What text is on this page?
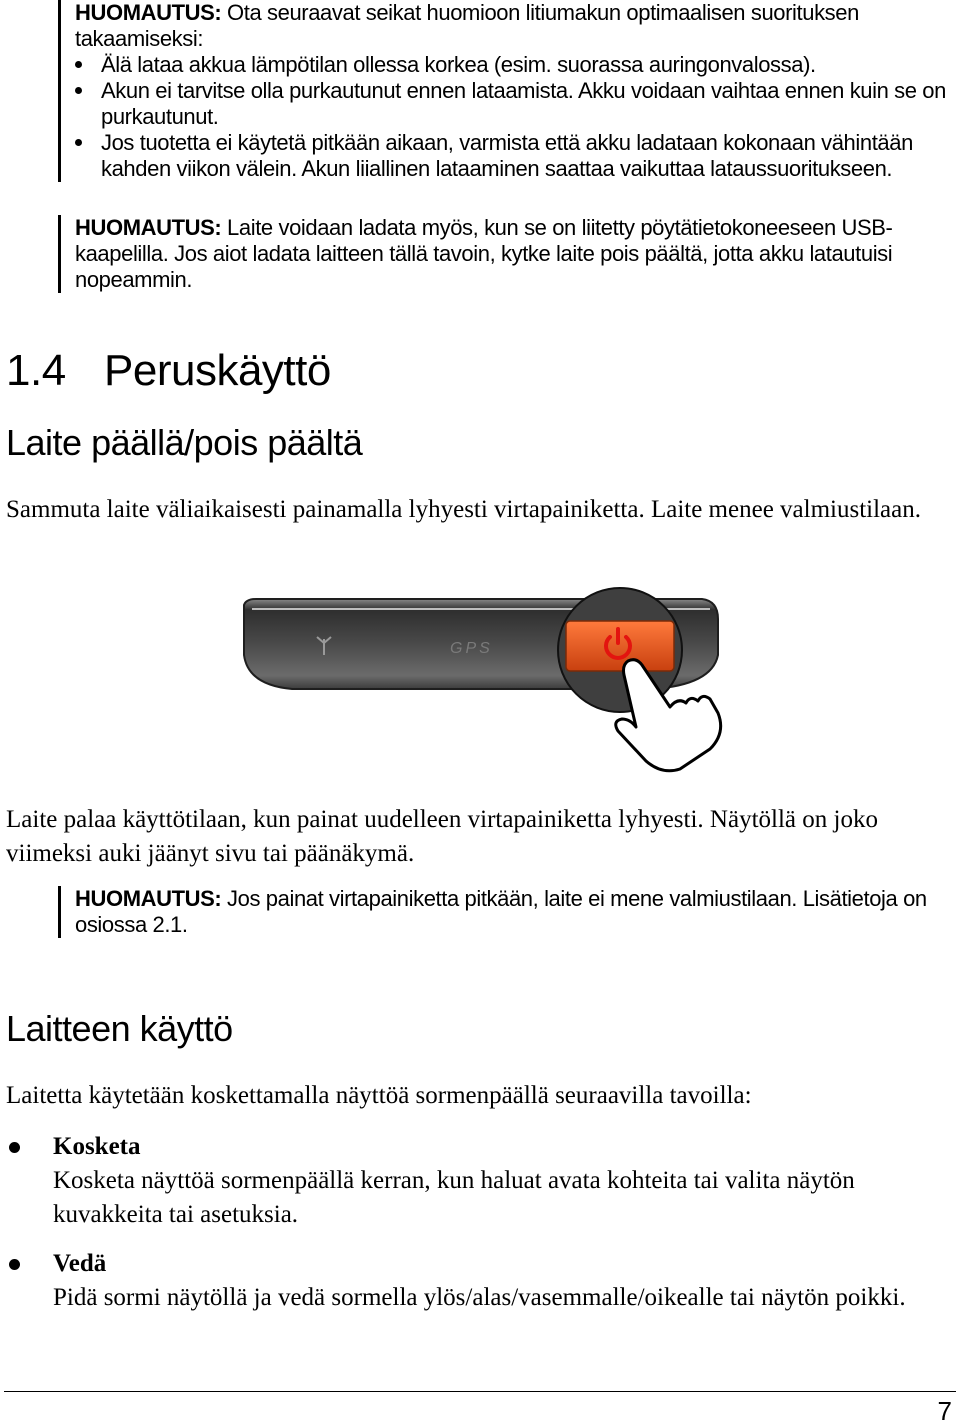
HUOMAUTUS: Ota seuraavat seikat huomioon litiumakun optimaalisen suorituksen takaamiseksi:
Älä lataa akkua lämpötilan ollessa korkea (esim. suorassa auringonvalossa).
Akun ei tarvitse olla purkautunut ennen lataamista. Akku voidaan vaihtaa ennen kuin se on purkautunut.
Jos tuotetta ei käytetä pitkään aikaan, varmista että akku ladataan kokonaan vähintään kahden viikon välein. Akun liiallinen lataaminen saattaa vaikuttaa lataussuoritukseen.
HUOMAUTUS: Laite voidaan ladata myös, kun se on liitetty pöytätietokoneeseen USB-kaapelilla. Jos aiot ladata laitteen tällä tavoin, kytke laite pois päältä, jotta akku latautuisi nopeammin.
1.4 Peruskäyttö
Laite päällä/pois päältä

Sammuta laite väliaikaisesti painamalla lyhyesti virtapainiketta. Laite menee valmiustilaan.

GPS

Laite palaa käyttötilaan, kun painat uudelleen virtapainiketta lyhyesti. Näytöllä on joko viimeksi auki jäänyt sivu tai päänäkymä.

HUOMAUTUS: Jos painat virtapainiketta pitkään, laite ei mene valmiustilaan. Lisätietoja on osiossa 2.1.
Laitteen käyttö

Laitetta käytetään koskettamalla näyttöä sormenpäällä seuraavilla tavoilla:

Kosketa
Kosketa näyttöä sormenpäällä kerran, kun haluat avata kohteita tai valita näytön kuvakkeita tai asetuksia.
Vedä
Pidä sormi näytöllä ja vedä sormella ylös/alas/vasemmalle/oikealle tai näytön poikki.
7
